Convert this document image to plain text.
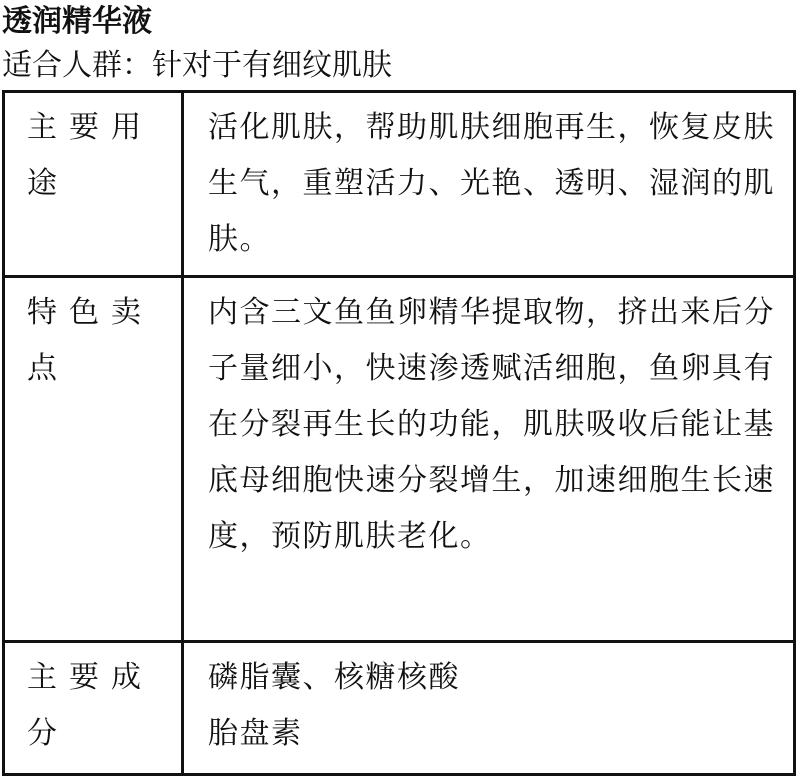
透润精华液
适合人群：针对于有细纹肌肤
主要用途	活化肌肤，帮助肌肤细胞再生，恢复皮肤生气，重塑活力、光艳、透明、湿润的肌肤。

特色卖点	内含三文鱼鱼卵精华提取物，挤出来后分子量细小，快速渗透赋活细胞，鱼卵具有在分裂再生长的功能，肌肤吸收后能让基底母细胞快速分裂增生，加速细胞生长速度，预防肌肤老化。

主要成分	磷脂囊、核糖核酸
胎盘素
